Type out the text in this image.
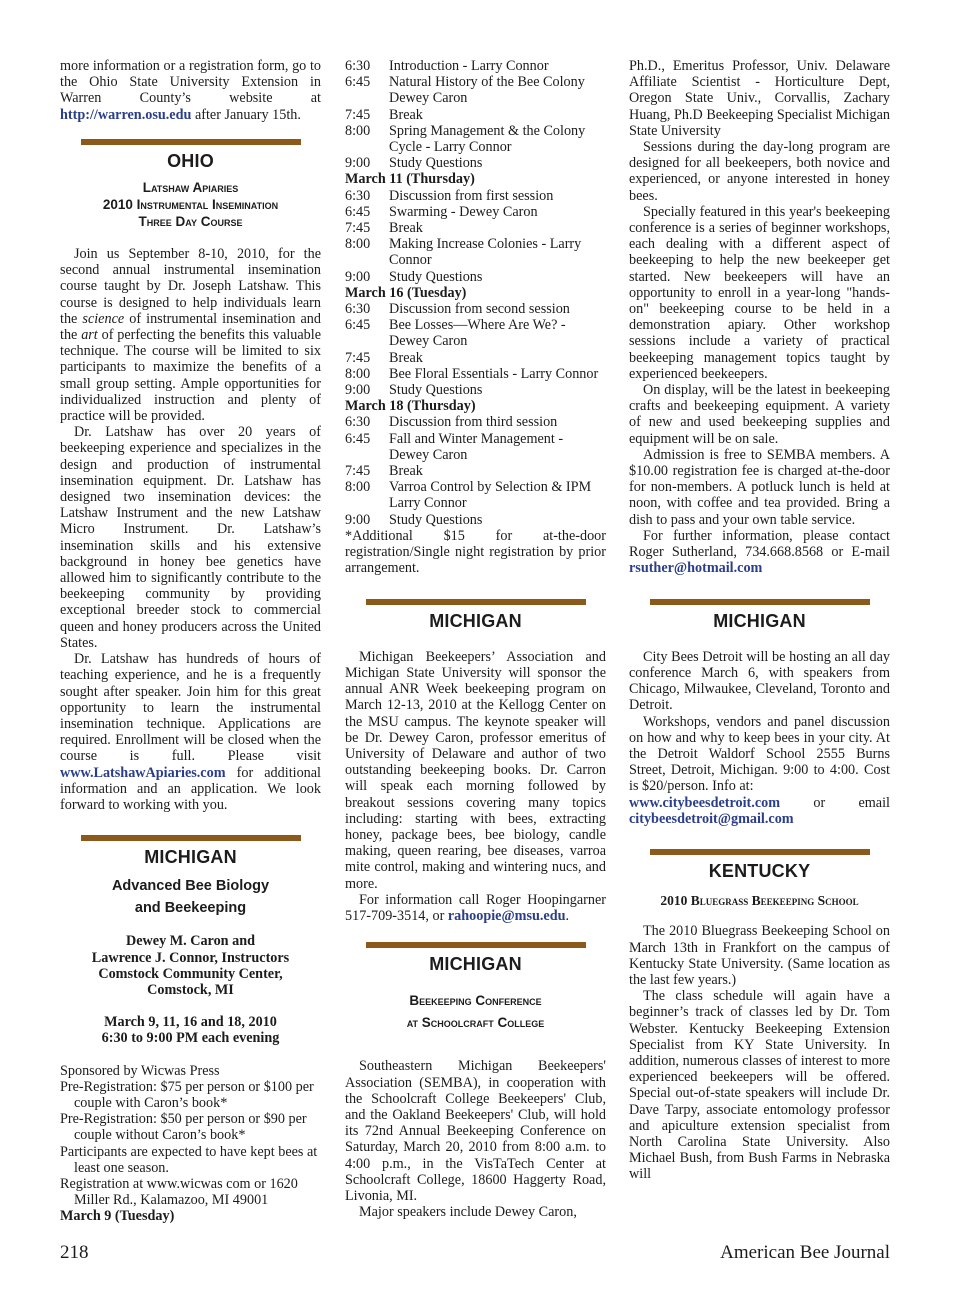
more information or a registration form, go to the Ohio State University Extension in Warren County’s website at http://warren.osu.edu after January 15th.

OHIO
Latshaw Apiaries
2010 Instrumental Insemination
Three Day Course

Join us September 8-10, 2010, for the second annual instrumental insemination course taught by Dr. Joseph Latshaw. This course is designed to help individuals learn the science of instrumental insemination and the art of perfecting the benefits this valuable technique. The course will be limited to six participants to maximize the benefits of a small group setting. Ample opportunities for individualized instruction and plenty of practice will be provided.

Dr. Latshaw has over 20 years of beekeeping experience and specializes in the design and production of instrumental insemination equipment. Dr. Latshaw has designed two insemination devices: the Latshaw Instrument and the new Latshaw Micro Instrument. Dr. Latshaw’s insemination skills and his extensive background in honey bee genetics have allowed him to significantly contribute to the beekeeping community by providing exceptional breeder stock to commercial queen and honey producers across the United States.

Dr. Latshaw has hundreds of hours of teaching experience, and he is a frequently sought after speaker. Join him for this great opportunity to learn the instrumental insemination technique. Applications are required. Enrollment will be closed when the course is full. Please visit www.LatshawApiaries.com for additional information and an application. We look forward to working with you.

MICHIGAN
Advanced Bee Biology
and Beekeeping
Dewey M. Caron and
Lawrence J. Connor, Instructors
Comstock Community Center,
Comstock, MI
March 9, 11, 16 and 18, 2010
6:30 to 9:00 PM each evening

Sponsored by Wicwas Press

Pre-Registration: $75 per person or $100 per couple with Caron’s book*

Pre-Registration: $50 per person or $90 per couple without Caron’s book*

Participants are expected to have kept bees at least one season.

Registration at www.wicwas com or 1620 Miller Rd., Kalamazoo, MI 49001

March 9 (Tuesday)

6:30	Introduction - Larry Connor
6:45	Natural History of the Bee Colony Dewey Caron
7:45	Break
8:00	Spring Management & the Colony Cycle - Larry Connor
9:00	Study Questions

March 11 (Thursday)

6:30	Discussion from first session
6:45	Swarming - Dewey Caron
7:45	Break
8:00	Making Increase Colonies - Larry Connor
9:00	Study Questions

March 16 (Tuesday)

6:30	Discussion from second session
6:45	Bee Losses—Where Are We? - Dewey Caron
7:45	Break
8:00	Bee Floral Essentials - Larry Connor
9:00	Study Questions

March 18 (Thursday)

6:30	Discussion from third session
6:45	Fall and Winter Management - Dewey Caron
7:45	Break
8:00	Varroa Control by Selection & IPM Larry Connor
9:00	Study Questions

*Additional $15 for at-the-door registration/Single night registration by prior arrangement.

MICHIGAN

Michigan Beekeepers’ Association and Michigan State University will sponsor the annual ANR Week beekeeping program on March 12-13, 2010 at the Kellogg Center on the MSU campus. The keynote speaker will be Dr. Dewey Caron, professor emeritus of University of Delaware and author of two outstanding beekeeping books. Dr. Carron will speak each morning followed by breakout sessions covering many topics including: starting with bees, extracting honey, package bees, bee biology, candle making, queen rearing, bee diseases, varroa mite control, making and wintering nucs, and more.

For information call Roger Hoopingarner 517-709-3514, or rahoopie@msu.edu.

MICHIGAN
Beekeeping Conference
at Schoolcraft College

Southeastern Michigan Beekeepers' Association (SEMBA), in cooperation with the Schoolcraft College Beekeepers' Club, and the Oakland Beekeepers' Club, will hold its 72nd Annual Beekeeping Conference on Saturday, March 20, 2010 from 8:00 a.m. to 4:00 p.m., in the VisTaTech Center at Schoolcraft College, 18600 Haggerty Road, Livonia, MI.

Major speakers include Dewey Caron,

Ph.D., Emeritus Professor, Univ. Delaware Affiliate Scientist - Horticulture Dept, Oregon State Univ., Corvallis, Zachary Huang, Ph.D Beekeeping Specialist Michigan State University

Sessions during the day-long program are designed for all beekeepers, both novice and experienced, or anyone interested in honey bees.

Specially featured in this year's beekeeping conference is a series of beginner workshops, each dealing with a different aspect of beekeeping to help the new beekeeper get started. New beekeepers will have an opportunity to enroll in a year-long "hands-on" beekeeping course to be held in a demonstration apiary. Other workshop sessions include a variety of practical beekeeping management topics taught by experienced beekeepers.

On display, will be the latest in beekeeping crafts and beekeeping equipment. A variety of new and used beekeeping supplies and equipment will be on sale.

Admission is free to SEMBA members. A $10.00 registration fee is charged at-the-door for non-members. A potluck lunch is held at noon, with coffee and tea provided. Bring a dish to pass and your own table service.

For further information, please contact Roger Sutherland, 734.668.8568 or E-mail rsuther@hotmail.com

MICHIGAN

City Bees Detroit will be hosting an all day conference March 6, with speakers from Chicago, Milwaukee, Cleveland, Toronto and Detroit.

Workshops, vendors and panel discussion on how and why to keep bees in your city. At the Detroit Waldorf School 2555 Burns Street, Detroit, Michigan. 9:00 to 4:00. Cost is $20/person. Info at:

www.citybeesdetroit.com or email citybeesdetroit@gmail.com

KENTUCKY
2010 Bluegrass Beekeeping School

The 2010 Bluegrass Beekeeping School on March 13th in Frankfort on the campus of Kentucky State University. (Same location as the last few years.)

The class schedule will again have a beginner’s track of classes led by Dr. Tom Webster. Kentucky Beekeeping Extension Specialist from KY State University. In addition, numerous classes of interest to more experienced beekeepers will be offered. Special out-of-state speakers will include Dr. Dave Tarpy, associate entomology professor and apiculture extension specialist from North Carolina State University. Also Michael Bush, from Bush Farms in Nebraska will

218	American Bee Journal
